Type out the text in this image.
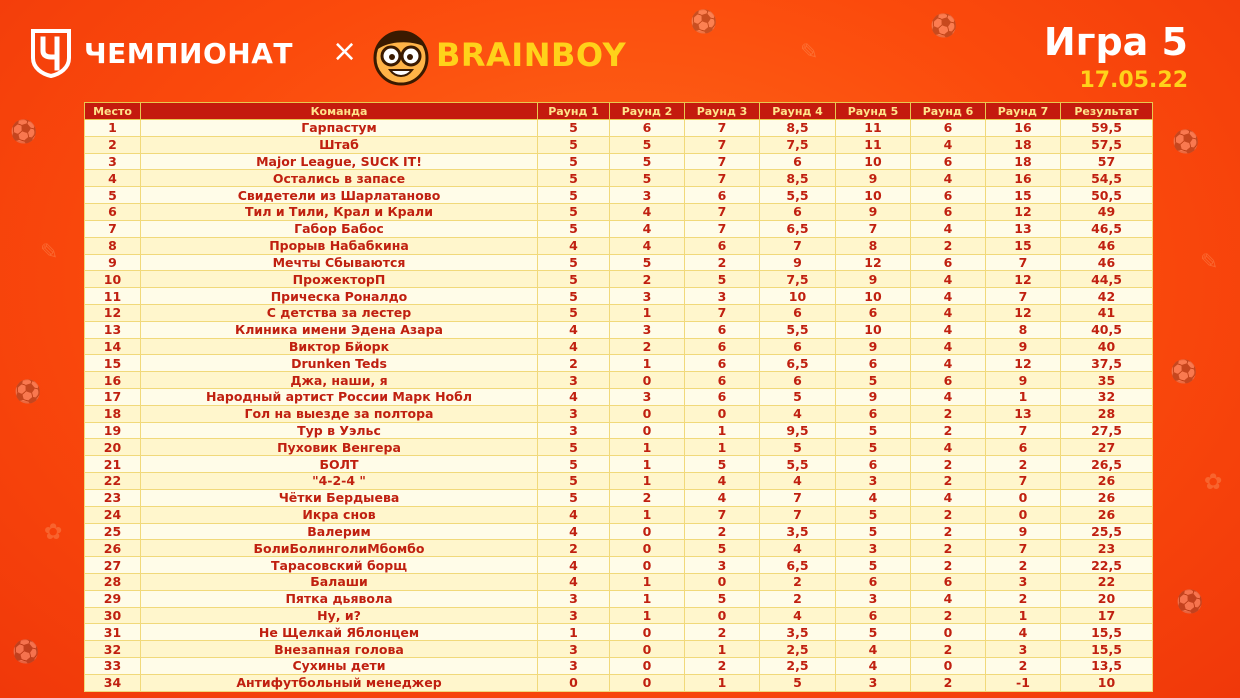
⚽
✎
⚽
✿
⚽
⚽
✎
⚽
✿
⚽
⚽
✎
⚽
ЧЕМПИОНАТ × BRAINBOY	Игра 5
17.05.22
Место	Команда	Раунд 1	Раунд 2	Раунд 3	Раунд 4	Раунд 5	Раунд 6	Раунд 7	Результат
1	Гарпастум	5	6	7	8,5	11	6	16	59,5
2	Штаб	5	5	7	7,5	11	4	18	57,5
3	Major League, SUCK IT!	5	5	7	6	10	6	18	57
4	Остались в запасе	5	5	7	8,5	9	4	16	54,5
5	Свидетели из Шарлатаново	5	3	6	5,5	10	6	15	50,5
6	Тил и Тили, Крал и Крали	5	4	7	6	9	6	12	49
7	Габор Бабос	5	4	7	6,5	7	4	13	46,5
8	Прорыв Набабкина	4	4	6	7	8	2	15	46
9	Мечты Сбываются	5	5	2	9	12	6	7	46
10	ПрожекторП	5	2	5	7,5	9	4	12	44,5
11	Прическа Роналдо	5	3	3	10	10	4	7	42
12	С детства за лестер	5	1	7	6	6	4	12	41
13	Клиника имени Эдена Азара	4	3	6	5,5	10	4	8	40,5
14	Виктор Бйорк	4	2	6	6	9	4	9	40
15	Drunken Teds	2	1	6	6,5	6	4	12	37,5
16	Джа, наши, я	3	0	6	6	5	6	9	35
17	Народный артист России Марк Нобл	4	3	6	5	9	4	1	32
18	Гол на выезде за полтора	3	0	0	4	6	2	13	28
19	Тур в Уэльс	3	0	1	9,5	5	2	7	27,5
20	Пуховик Венгера	5	1	1	5	5	4	6	27
21	БОЛТ	5	1	5	5,5	6	2	2	26,5
22	"4-2-4 "	5	1	4	4	3	2	7	26
23	Чётки Бердыева	5	2	4	7	4	4	0	26
24	Икра снов	4	1	7	7	5	2	0	26
25	Валерим	4	0	2	3,5	5	2	9	25,5
26	БолиБолинголиМбомбо	2	0	5	4	3	2	7	23
27	Тарасовский борщ	4	0	3	6,5	5	2	2	22,5
28	Балаши	4	1	0	2	6	6	3	22
29	Пятка дьявола	3	1	5	2	3	4	2	20
30	Ну, и?	3	1	0	4	6	2	1	17
31	Не Щелкай Яблонцем	1	0	2	3,5	5	0	4	15,5
32	Внезапная голова	3	0	1	2,5	4	2	3	15,5
33	Сухины дети	3	0	2	2,5	4	0	2	13,5
34	Антифутбольный менеджер	0	0	1	5	3	2	-1	10
